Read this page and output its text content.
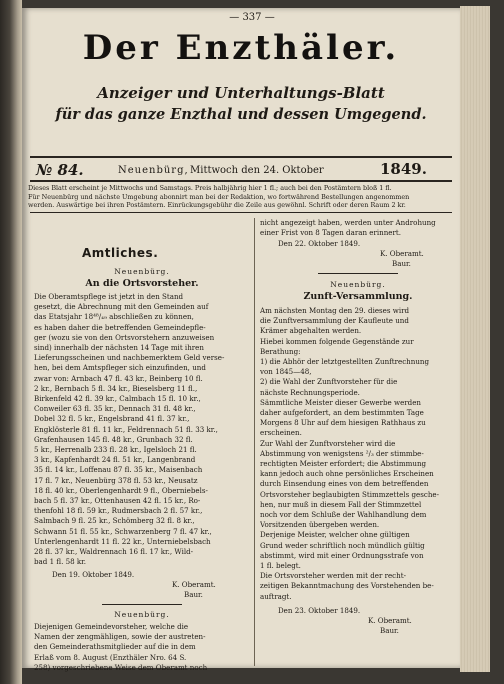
— 337 —
Der Enzthäler.
Anzeiger und Unterhaltungs-Blatt
für das ganze Enzthal und dessen Umgegend.
№ 84.	Neuenbürg, Mittwoch den 24. Oktober	1849.
Dieses Blatt erscheint je Mittwochs und Samstags. Preis halbjährig hier 1 fl.; auch bei den Postämtern bloß 1 fl.
Für Neuenbürg und nächste Umgebung abonnirt man bei der Redaktion, wo fortwährend Bestellungen angenommen
werden. Auswärtige bei ihren Postämtern. Einrückungsgebühr die Zeile aus gewöhnl. Schrift oder deren Raum 2 kr.
Amtliches.
Neuenbürg.
An die Ortsvorsteher.
Die Oberamtspflege ist jetzt in den Stand
gesetzt, die Abrechnung mit den Gemeinden auf
das Etatsjahr 18⁴⁸/₄₉ abschließen zu können,
es haben daher die betreffenden Gemeindepfle-
ger (wozu sie von den Ortsvorstehern anzuweisen
sind) innerhalb der nächsten 14 Tage mit ihren
Lieferungsscheinen und nachbemerktem Geld verse-
hen, bei dem Amtspfleger sich einzufinden, und
zwar von: Arnbach 47 fl. 43 kr., Beinberg 10 fl.
2 kr., Bernbach 5 fl. 34 kr., Bieselsberg 11 fl.,
Birkenfeld 42 fl. 39 kr., Calmbach 15 fl. 10 kr.,
Conweiler 63 fl. 35 kr., Dennach 31 fl. 48 kr.,
Dobel 32 fl. 5 kr., Engelsbrand 41 fl. 37 kr.,
Engklösterle 81 fl. 11 kr., Feldrennach 51 fl. 33 kr.,
Grafenhausen 145 fl. 48 kr., Grunbach 32 fl.
5 kr., Herrenalb 233 fl. 28 kr., Igelsloch 21 fl.
3 kr., Kapfenhardt 24 fl. 51 kr., Langenbrand
35 fl. 14 kr., Loffenau 87 fl. 35 kr., Maisenbach
17 fl. 7 kr., Neuenbürg 378 fl. 53 kr., Neusatz
18 fl. 40 kr., Oberlengenhardt 9 fl., Oberniebels-
bach 5 fl. 37 kr., Ottenhausen 42 fl. 15 kr., Ro-
thenfohl 18 fl. 59 kr., Rudmersbach 2 fl. 57 kr.,
Salmbach 9 fl. 25 kr., Schömberg 32 fl. 8 kr.,
Schwann 51 fl. 55 kr., Schwarzenberg 7 fl. 47 kr.,
Unterlengenhardt 11 fl. 22 kr., Unterniebelsbach
28 fl. 37 kr., Waldrennach 16 fl. 17 kr., Wild-
bad 1 fl. 58 kr.
Den 19. Oktober 1849.
K. Oberamt.
Baur.
Neuenbürg.
Diejenigen Gemeindevorsteher, welche die
Namen der zengmähligen, sowie der austreten-
den Gemeinderathsmitglieder auf die in dem
Erlaß vom 8. August (Enzthäler Nro. 64 S.
258) vorgeschriebene Weise dem Oberamt noch
nicht angezeigt haben, werden unter Androhung
einer Frist von 8 Tagen daran erinnert.
Den 22. Oktober 1849.
K. Oberamt.
Baur.
Neuenbürg.
Zunft-Versammlung.
Am nächsten Montag den 29. dieses wird
die Zunftversammlung der Kaufleute und
Krämer abgehalten werden.
Hiebei kommen folgende Gegenstände zur
Berathung:
1) die Abhör der letztgestellten Zunftrechnung
von 1845—48,
2) die Wahl der Zunftvorsteher für die
nächste Rechnungsperiode.
Sämmtliche Meister dieser Gewerbe werden
daher aufgefordert, an dem bestimmten Tage
Morgens 8 Uhr auf dem hiesigen Rathhaus zu
erscheinen.
Zur Wahl der Zunftvorsteher wird die
Abstimmung von wenigstens ²/₃ der stimmbe-
rechtigten Meister erfordert; die Abstimmung
kann jedoch auch ohne persönliches Erscheinen
durch Einsendung eines von dem betreffenden
Ortsvorsteher beglaubigten Stimmzettels gesche-
hen, nur muß in diesem Fall der Stimmzettel
noch vor dem Schluße der Wahlhandlung dem
Vorsitzenden übergeben werden.
Derjenige Meister, welcher ohne gültigen
Grund weder schriftlich noch mündlich gültig
abstimmt, wird mit einer Ordnungsstrafe von
1 fl. belegt.
Die Ortsvorsteher werden mit der recht-
zeitigen Bekanntmachung des Vorstehenden be-
auftragt.
Den 23. Oktober 1849.
K. Oberamt.
Baur.
